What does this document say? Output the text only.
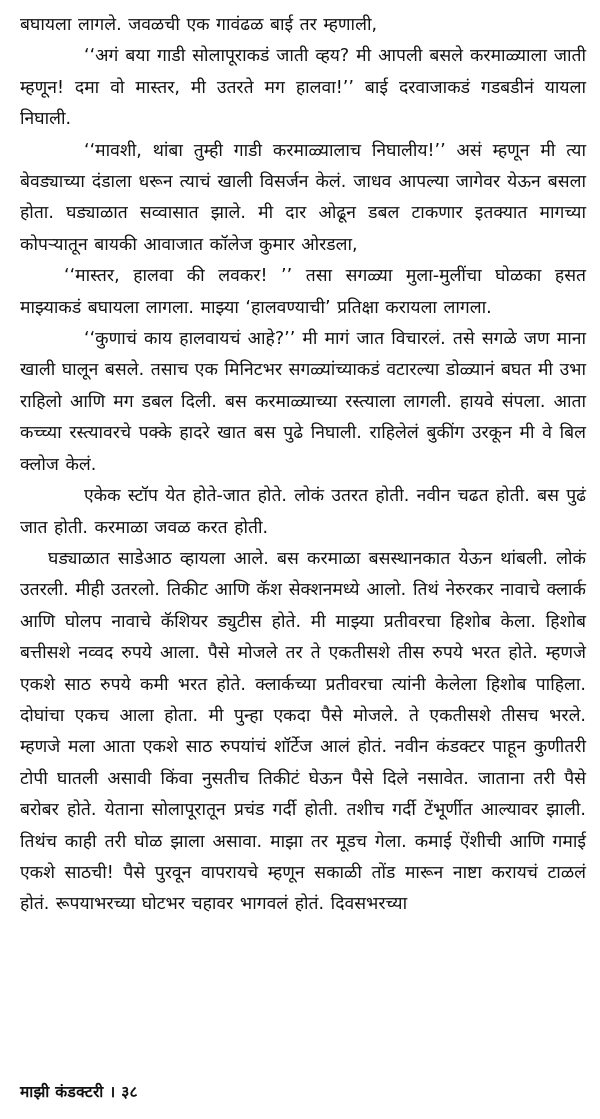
बघायला लागले. जवळची एक गावंढळ बाई तर म्हणाली,

‘‘अगं बया गाडी सोलापूराकडं जाती व्हय? मी आपली बसले करमाळ्याला जाती म्हणून! दमा वो मास्तर, मी उतरते मग हालवा!’’ बाई दरवाजाकडं गडबडीनं यायला निघाली.

‘‘मावशी, थांबा तुम्ही गाडी करमाळ्यालाच निघालीय!’’ असं म्हणून मी त्या बेवड्याच्या दंडाला धरून त्याचं खाली विसर्जन केलं. जाधव आपल्या जागेवर येऊन बसला होता. घड्याळात सव्वासात झाले. मी दार ओढून डबल टाकणार इतक्यात मागच्या कोपऱ्यातून बायकी आवाजात कॉलेज कुमार ओरडला,

‘‘मास्तर, हालवा की लवकर! ’’ तसा सगळ्या मुला-मुलींचा घोळका हसत माझ्याकडं बघायला लागला. माझ्या ‘हालवण्याची’ प्रतिक्षा करायला लागला.

‘‘कुणाचं काय हालवायचं आहे?’’ मी मागं जात विचारलं. तसे सगळे जण माना खाली घालून बसले. तसाच एक मिनिटभर सगळ्यांच्याकडं वटारल्या डोळ्यानं बघत मी उभा राहिलो आणि मग डबल दिली. बस करमाळ्याच्या रस्त्याला लागली. हायवे संपला. आता कच्च्या रस्त्यावरचे पक्के हादरे खात बस पुढे निघाली. राहिलेलं बुकींग उरकून मी वे बिल क्लोज केलं.

एकेक स्टॉप येत होते-जात होते. लोकं उतरत होती. नवीन चढत होती. बस पुढं जात होती. करमाळा जवळ करत होती.

घड्याळात साडेआठ व्हायला आले. बस करमाळा बसस्थानकात येऊन थांबली. लोकं उतरली. मीही उतरलो. तिकीट आणि कॅश सेक्शनमध्ये आलो. तिथं नेरुरकर नावाचे क्लार्क आणि घोलप नावाचे कॅशियर ड्युटीस होते. मी माझ्या प्रतीवरचा हिशोब केला. हिशोब बत्तीसशे नव्वद रुपये आला. पैसे मोजले तर ते एकतीसशे तीस रुपये भरत होते. म्हणजे एकशे साठ रुपये कमी भरत होते. क्लार्कच्या प्रतीवरचा त्यांनी केलेला हिशोब पाहिला. दोघांचा एकच आला होता. मी पुन्हा एकदा पैसे मोजले. ते एकतीसशे तीसच भरले. म्हणजे मला आता एकशे साठ रुपयांचं शॉर्टेज आलं होतं. नवीन कंडक्टर पाहून कुणीतरी टोपी घातली असावी किंवा नुसतीच तिकीटं घेऊन पैसे दिले नसावेत. जाताना तरी पैसे बरोबर होते. येताना सोलापूरातून प्रचंड गर्दी होती. तशीच गर्दी टेंभूर्णीत आल्यावर झाली. तिथंच काही तरी घोळ झाला असावा. माझा तर मूडच गेला. कमाई ऐंशीची आणि गमाई एकशे साठची! पैसे पुरवून वापरायचे म्हणून सकाळी तोंड मारून नाष्टा करायचं टाळलं होतं. रूपयाभरच्या घोटभर चहावर भागवलं होतं. दिवसभरच्या

माझी कंडक्टरी । ३८
